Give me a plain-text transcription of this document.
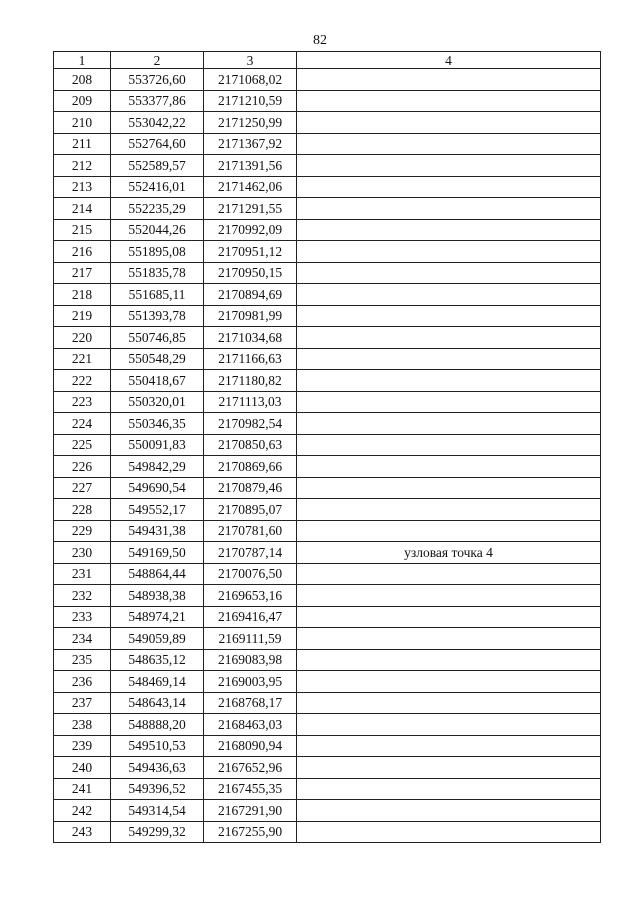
82
1	2	3	4
208	553726,60	2171068,02	
209	553377,86	2171210,59	
210	553042,22	2171250,99	
211	552764,60	2171367,92	
212	552589,57	2171391,56	
213	552416,01	2171462,06	
214	552235,29	2171291,55	
215	552044,26	2170992,09	
216	551895,08	2170951,12	
217	551835,78	2170950,15	
218	551685,11	2170894,69	
219	551393,78	2170981,99	
220	550746,85	2171034,68	
221	550548,29	2171166,63	
222	550418,67	2171180,82	
223	550320,01	2171113,03	
224	550346,35	2170982,54	
225	550091,83	2170850,63	
226	549842,29	2170869,66	
227	549690,54	2170879,46	
228	549552,17	2170895,07	
229	549431,38	2170781,60	
230	549169,50	2170787,14	узловая точка 4
231	548864,44	2170076,50	
232	548938,38	2169653,16	
233	548974,21	2169416,47	
234	549059,89	2169111,59	
235	548635,12	2169083,98	
236	548469,14	2169003,95	
237	548643,14	2168768,17	
238	548888,20	2168463,03	
239	549510,53	2168090,94	
240	549436,63	2167652,96	
241	549396,52	2167455,35	
242	549314,54	2167291,90	
243	549299,32	2167255,90	
